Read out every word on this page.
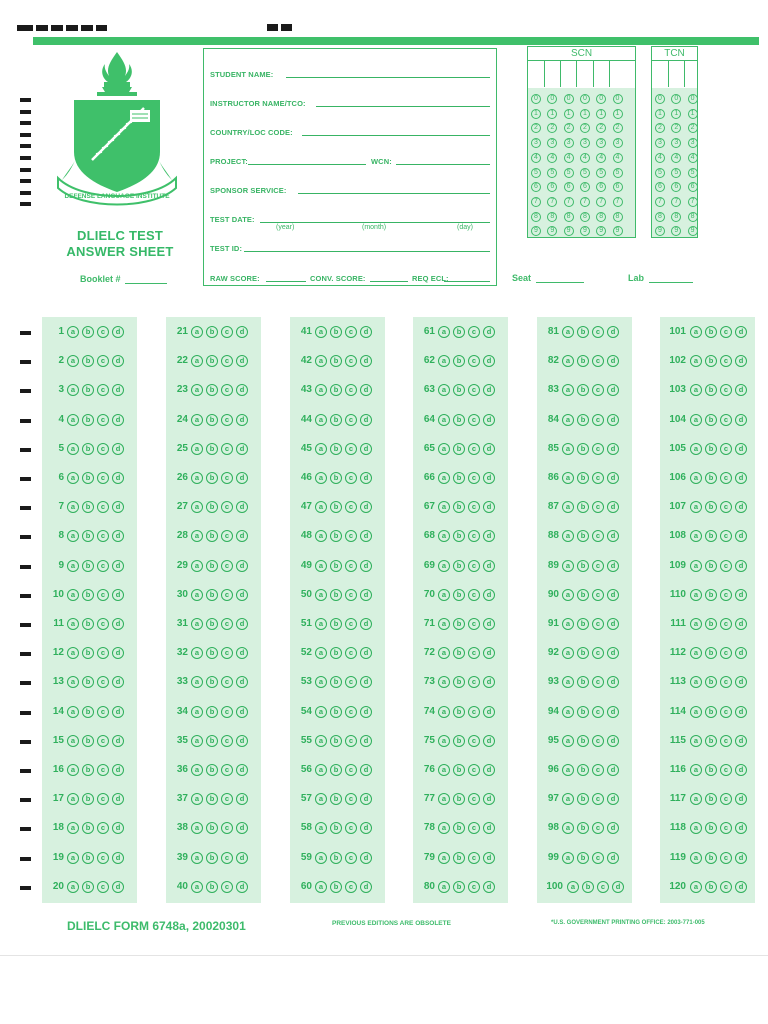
DEFENSE LANGUAGE INSTITUTE
DLIELC TEST
ANSWER SHEET
Booklet #
STUDENT NAME:
INSTRUCTOR NAME/TCO:
COUNTRY/LOC CODE:
PROJECT:	WCN:
SPONSOR SERVICE:
TEST DATE:
(year)	(month)	(day)
TEST ID:
RAW SCORE:	CONV. SCORE:	REQ ECL:
SCN
0	0	0	0	0	0
1	1	1	1	1	1
2	2	2	2	2	2
3	3	3	3	3	3
4	4	4	4	4	4
5	5	5	5	5	5
6	6	6	6	6	6
7	7	7	7	7	7
8	8	8	8	8	8
9	9	9	9	9	9
TCN
0	0	0
1	1	1
2	2	2
3	3	3
4	4	4
5	5	5
6	6	6
7	7	7
8	8	8
9	9	9
Seat	Lab
1 a	b	c	d
2 a	b	c	d
3 a	b	c	d
4 a	b	c	d
5 a	b	c	d
6 a	b	c	d
7 a	b	c	d
8 a	b	c	d
9 a	b	c	d
10 a	b	c	d
11 a	b	c	d
12 a	b	c	d
13 a	b	c	d
14 a	b	c	d
15 a	b	c	d
16 a	b	c	d
17 a	b	c	d
18 a	b	c	d
19 a	b	c	d
20 a	b	c	d
21 a	b	c	d
22 a	b	c	d
23 a	b	c	d
24 a	b	c	d
25 a	b	c	d
26 a	b	c	d
27 a	b	c	d
28 a	b	c	d
29 a	b	c	d
30 a	b	c	d
31 a	b	c	d
32 a	b	c	d
33 a	b	c	d
34 a	b	c	d
35 a	b	c	d
36 a	b	c	d
37 a	b	c	d
38 a	b	c	d
39 a	b	c	d
40 a	b	c	d
41 a	b	c	d
42 a	b	c	d
43 a	b	c	d
44 a	b	c	d
45 a	b	c	d
46 a	b	c	d
47 a	b	c	d
48 a	b	c	d
49 a	b	c	d
50 a	b	c	d
51 a	b	c	d
52 a	b	c	d
53 a	b	c	d
54 a	b	c	d
55 a	b	c	d
56 a	b	c	d
57 a	b	c	d
58 a	b	c	d
59 a	b	c	d
60 a	b	c	d
61 a	b	c	d
62 a	b	c	d
63 a	b	c	d
64 a	b	c	d
65 a	b	c	d
66 a	b	c	d
67 a	b	c	d
68 a	b	c	d
69 a	b	c	d
70 a	b	c	d
71 a	b	c	d
72 a	b	c	d
73 a	b	c	d
74 a	b	c	d
75 a	b	c	d
76 a	b	c	d
77 a	b	c	d
78 a	b	c	d
79 a	b	c	d
80 a	b	c	d
81 a	b	c	d
82 a	b	c	d
83 a	b	c	d
84 a	b	c	d
85 a	b	c	d
86 a	b	c	d
87 a	b	c	d
88 a	b	c	d
89 a	b	c	d
90 a	b	c	d
91 a	b	c	d
92 a	b	c	d
93 a	b	c	d
94 a	b	c	d
95 a	b	c	d
96 a	b	c	d
97 a	b	c	d
98 a	b	c	d
99 a	b	c	d
100	a	b	c	d
101	a	b	c	d
102	a	b	c	d
103	a	b	c	d
104	a	b	c	d
105	a	b	c	d
106	a	b	c	d
107	a	b	c	d
108	a	b	c	d
109	a	b	c	d
110	a	b	c	d
111	a	b	c	d
112	a	b	c	d
113	a	b	c	d
114	a	b	c	d
115	a	b	c	d
116	a	b	c	d
117	a	b	c	d
118	a	b	c	d
119	a	b	c	d
120	a	b	c	d
DLIELC FORM 6748a, 20020301	PREVIOUS EDITIONS ARE OBSOLETE	*U.S. GOVERNMENT PRINTING OFFICE: 2003-771-005
